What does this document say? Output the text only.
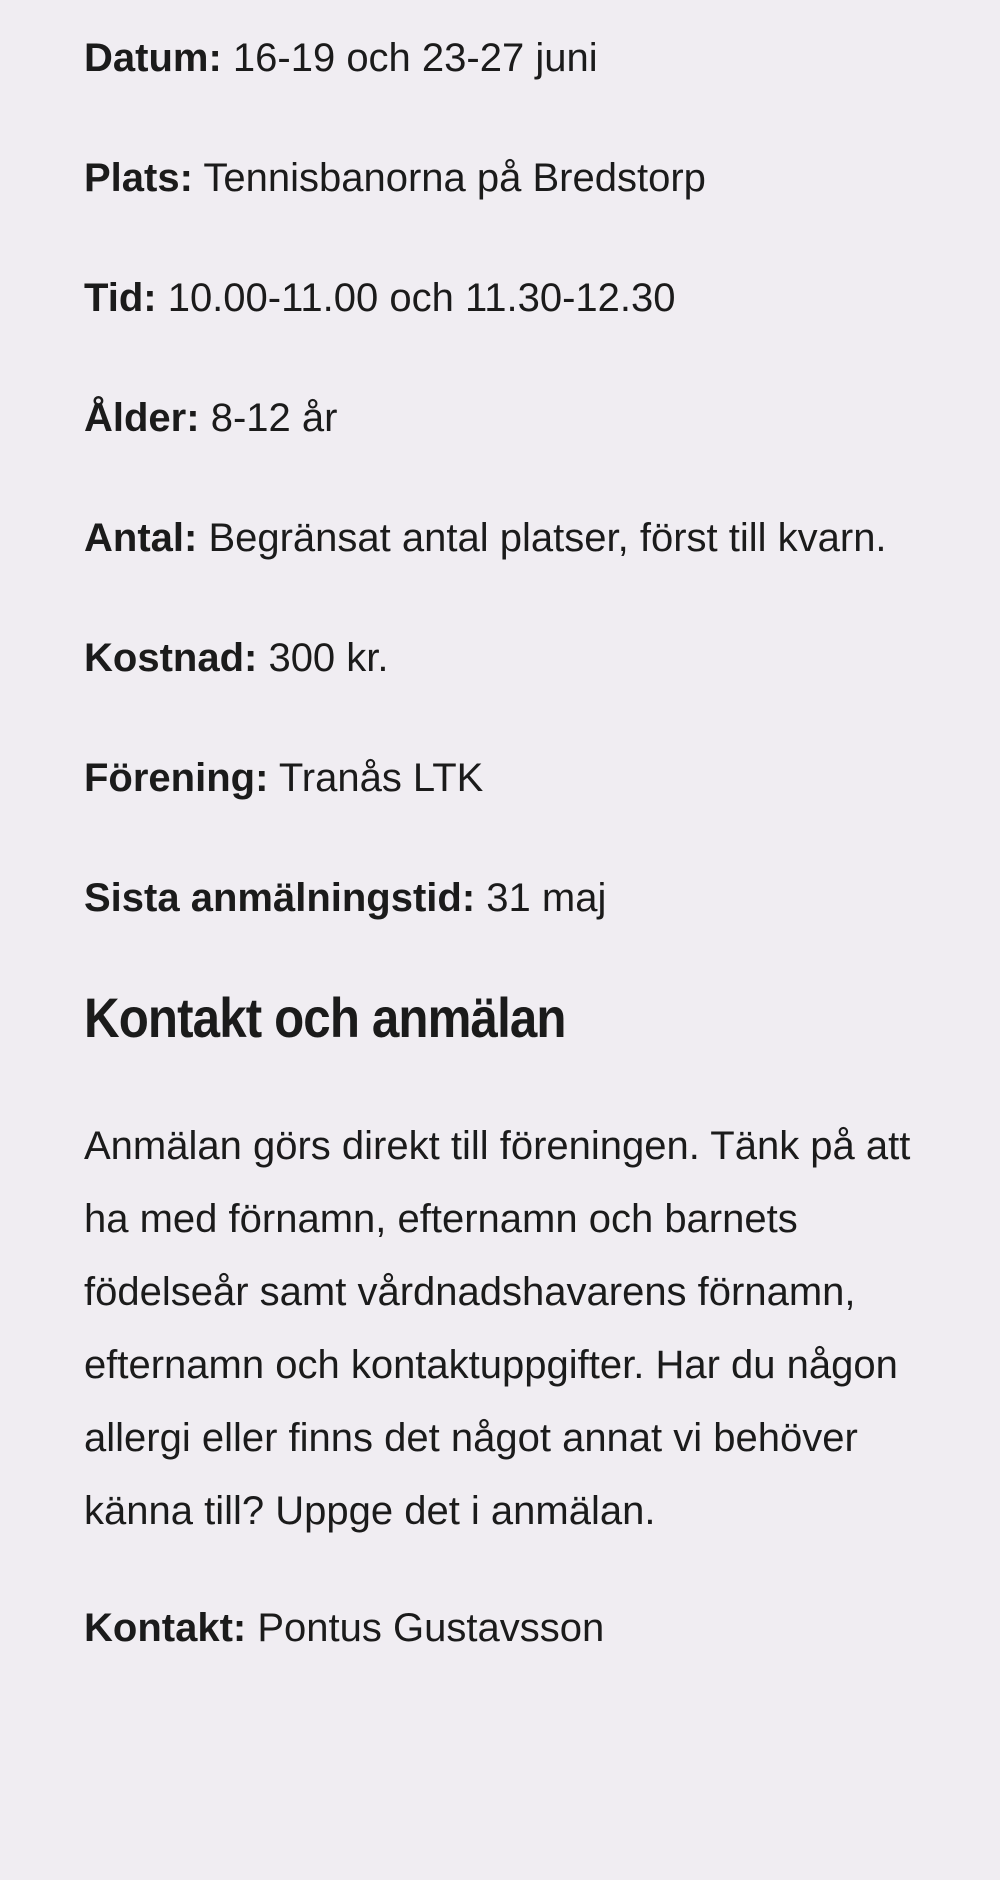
Datum: 16-19 och 23-27 juni

Plats: Tennisbanorna på Bredstorp

Tid: 10.00-11.00 och 11.30-12.30

Ålder: 8-12 år

Antal: Begränsat antal platser, först till kvarn.

Kostnad: 300 kr.

Förening: Tranås LTK

Sista anmälningstid: 31 maj

Kontakt och anmälan

Anmälan görs direkt till föreningen. Tänk på att ha med förnamn, efternamn och barnets födelseår samt vårdnadshavarens förnamn, efternamn och kontaktuppgifter. Har du någon allergi eller finns det något annat vi behöver känna till? Uppge det i anmälan.

Kontakt: Pontus Gustavsson
